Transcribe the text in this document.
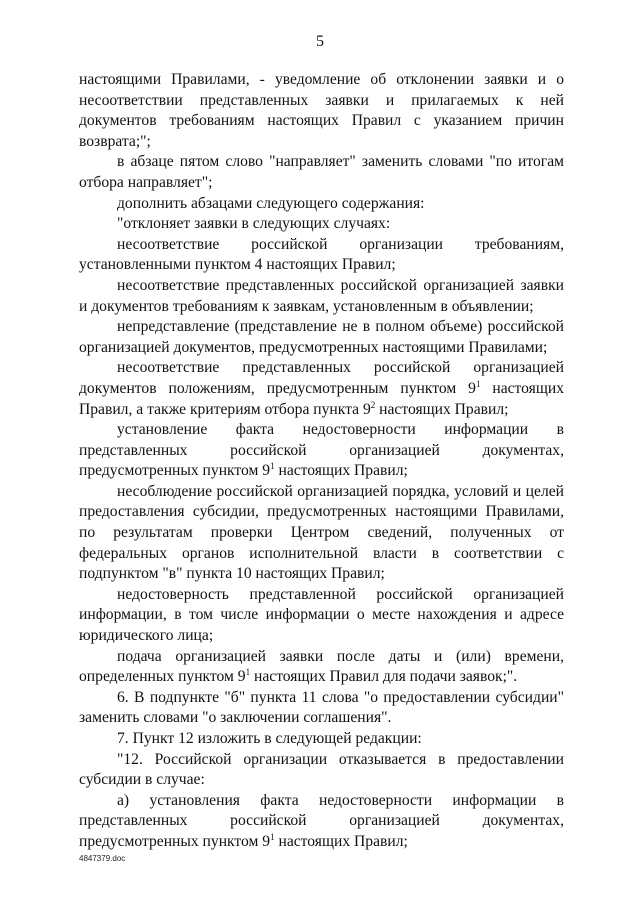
5

настоящими Правилами, - уведомление об отклонении заявки и о несоответствии представленных заявки и прилагаемых к ней документов требованиям настоящих Правил с указанием причин возврата;";

в абзаце пятом слово "направляет" заменить словами "по итогам отбора направляет";

дополнить абзацами следующего содержания:

"отклоняет заявки в следующих случаях:

несоответствие российской организации требованиям, установленными пунктом 4 настоящих Правил;

несоответствие представленных российской организацией заявки и документов требованиям к заявкам, установленным в объявлении;

непредставление (представление не в полном объеме) российской организацией документов, предусмотренных настоящими Правилами;

несоответствие представленных российской организацией документов положениям, предусмотренным пунктом $9^1$ настоящих Правил, а также критериям отбора пункта $9^2$ настоящих Правил;

установление факта недостоверности информации в представленных российской организацией документах, предусмотренных пунктом $9^1$ настоящих Правил;

несоблюдение российской организацией порядка, условий и целей предоставления субсидии, предусмотренных настоящими Правилами, по результатам проверки Центром сведений, полученных от федеральных органов исполнительной власти в соответствии с подпунктом "в" пункта 10 настоящих Правил;

недостоверность представленной российской организацией информации, в том числе информации о месте нахождения и адресе юридического лица;

подача организацией заявки после даты и (или) времени, определенных пунктом $9^1$ настоящих Правил для подачи заявок;".

6. В подпункте "б" пункта 11 слова "о предоставлении субсидии" заменить словами "о заключении соглашения".

7. Пункт 12 изложить в следующей редакции:

"12. Российской организации отказывается в предоставлении субсидии в случае:

а) установления факта недостоверности информации в представленных российской организацией документах, предусмотренных пунктом $9^1$ настоящих Правил;

4847379.doc
